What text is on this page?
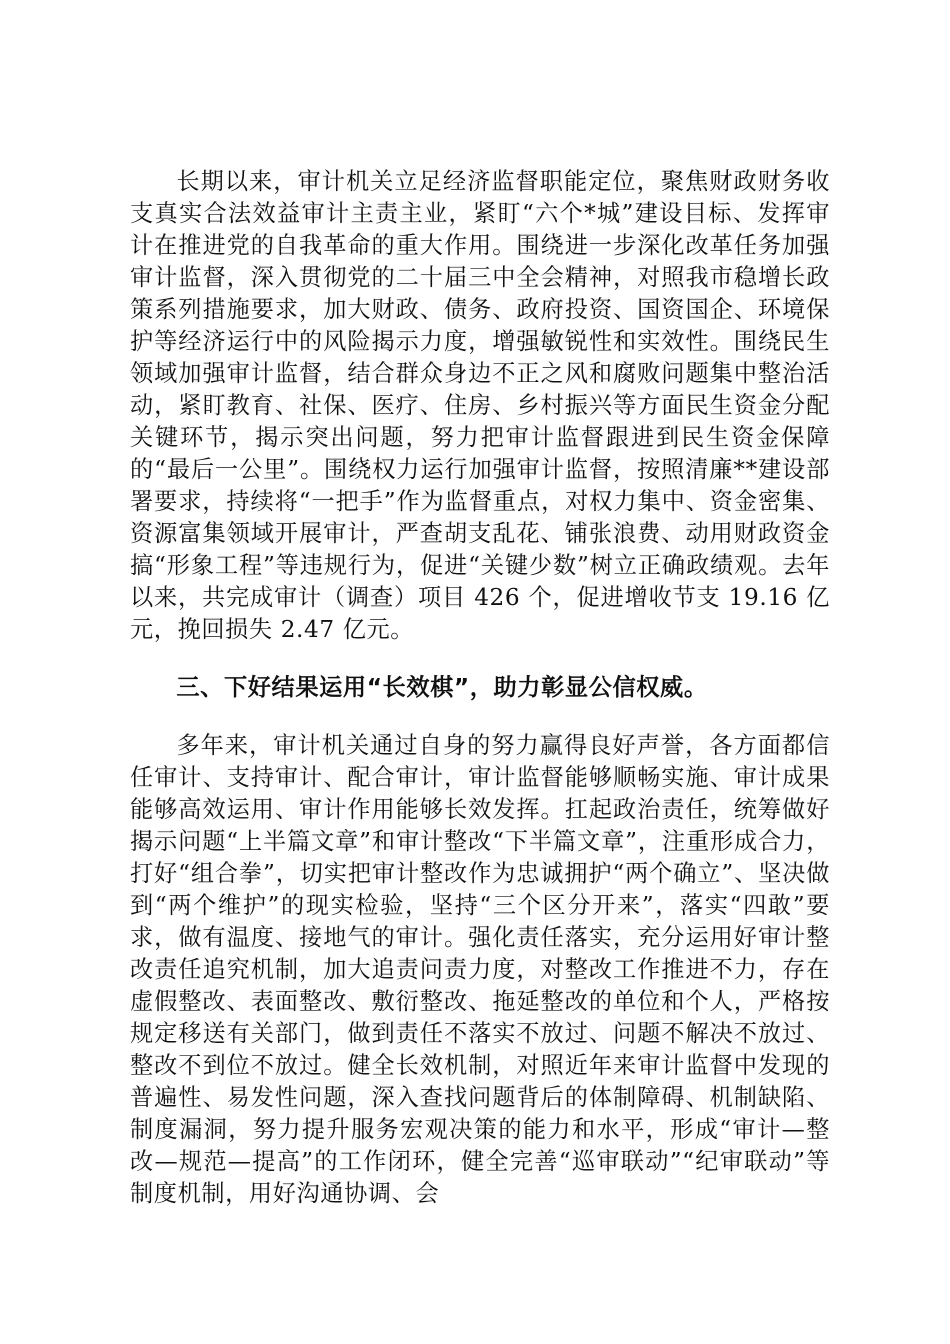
长期以来，审计机关立足经济监督职能定位，聚焦财政财务收支真实合法效益审计主责主业，紧盯“六个*城”建设目标、发挥审计在推进党的自我革命的重大作用。围绕进一步深化改革任务加强审计监督，深入贯彻党的二十届三中全会精神，对照我市稳增长政策系列措施要求，加大财政、债务、政府投资、国资国企、环境保护等经济运行中的风险揭示力度，增强敏锐性和实效性。围绕民生领域加强审计监督，结合群众身边不正之风和腐败问题集中整治活动，紧盯教育、社保、医疗、住房、乡村振兴等方面民生资金分配关键环节，揭示突出问题，努力把审计监督跟进到民生资金保障的“最后一公里”。围绕权力运行加强审计监督，按照清廉**建设部署要求，持续将“一把手”作为监督重点，对权力集中、资金密集、资源富集领域开展审计，严查胡支乱花、铺张浪费、动用财政资金搞“形象工程”等违规行为，促进“关键少数”树立正确政绩观。去年以来，共完成审计（调查）项目 426 个，促进增收节支 19.16 亿元，挽回损失 2.47 亿元。

三、下好结果运用“长效棋”，助力彰显公信权威。

多年来，审计机关通过自身的努力赢得良好声誉，各方面都信任审计、支持审计、配合审计，审计监督能够顺畅实施、审计成果能够高效运用、审计作用能够长效发挥。扛起政治责任，统筹做好揭示问题“上半篇文章”和审计整改“下半篇文章”，注重形成合力，打好“组合拳”，切实把审计整改作为忠诚拥护“两个确立”、坚决做到“两个维护”的现实检验，坚持“三个区分开来”，落实“四敢”要求，做有温度、接地气的审计。强化责任落实，充分运用好审计整改责任追究机制，加大追责问责力度，对整改工作推进不力，存在虚假整改、表面整改、敷衍整改、拖延整改的单位和个人，严格按规定移送有关部门，做到责任不落实不放过、问题不解决不放过、整改不到位不放过。健全长效机制，对照近年来审计监督中发现的普遍性、易发性问题，深入查找问题背后的体制障碍、机制缺陷、制度漏洞，努力提升服务宏观决策的能力和水平，形成“审计—整改—规范—提高”的工作闭环，健全完善“巡审联动”“纪审联动”等制度机制，用好沟通协调、会
